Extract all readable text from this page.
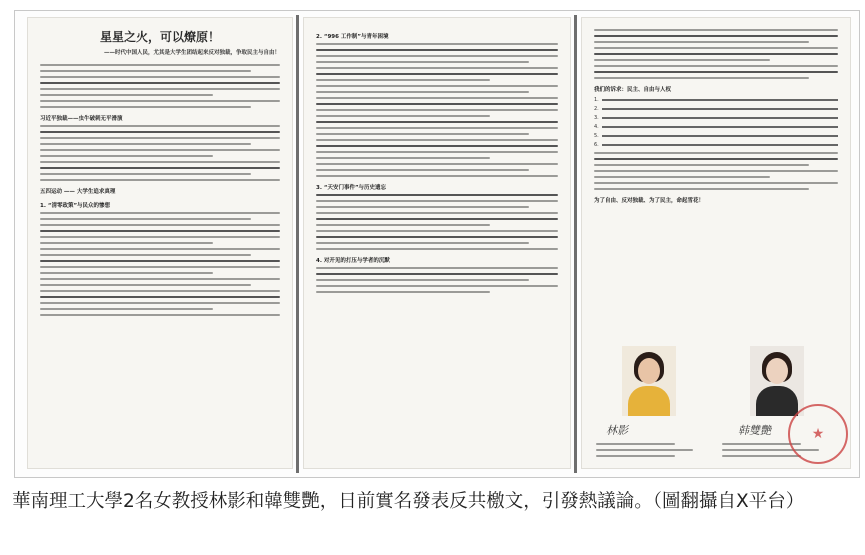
星星之火，可以燎原！
——时代中国人民，尤其是大学生团结起来反对独裁，争取民主与自由！
习近平独裁——虫牛破刺无平滑演
五四运动 —— 大学生追求真理
1. “清零政策”与民众的惨想
2. “996 工作制”与青年困境
3. “天安门事件”与历史遗忘
4. 对开见的打压与学者的沉默
我们的诉求：民主、自由与人权
1.
2.
3.
4.
5.
6.
为了自由、反对独裁、为了民主，命起雪花！
林影	韩雙艷	★
華南理工大學2名女教授林影和韓雙艷，日前實名發表反共檄文，引發熱議論。（圖翻攝自X平台）
